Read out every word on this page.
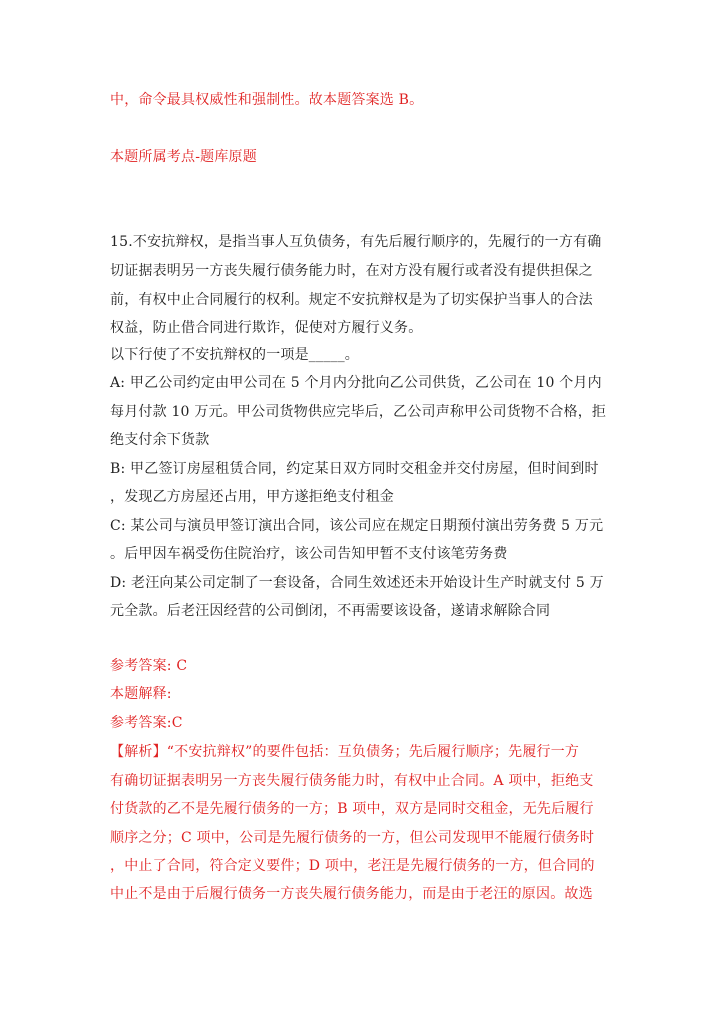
中，命令最具权威性和强制性。故本题答案选 B。
本题所属考点-题库原题
15.不安抗辩权，是指当事人互负债务，有先后履行顺序的，先履行的一方有确
切证据表明另一方丧失履行债务能力时，在对方没有履行或者没有提供担保之
前，有权中止合同履行的权利。规定不安抗辩权是为了切实保护当事人的合法
权益，防止借合同进行欺诈，促使对方履行义务。
以下行使了不安抗辩权的一项是_____。
A: 甲乙公司约定由甲公司在 5 个月内分批向乙公司供货，乙公司在 10 个月内
每月付款 10 万元。甲公司货物供应完毕后，乙公司声称甲公司货物不合格，拒
绝支付余下货款
B: 甲乙签订房屋租赁合同，约定某日双方同时交租金并交付房屋，但时间到时
，发现乙方房屋还占用，甲方遂拒绝支付租金
C: 某公司与演员甲签订演出合同，该公司应在规定日期预付演出劳务费 5 万元
。后甲因车祸受伤住院治疗，该公司告知甲暂不支付该笔劳务费
D: 老汪向某公司定制了一套设备，合同生效述还未开始设计生产时就支付 5 万
元全款。后老汪因经营的公司倒闭，不再需要该设备，遂请求解除合同
参考答案: C
本题解释:
参考答案:C
【解析】“不安抗辩权”的要件包括：互负债务；先后履行顺序；先履行一方
有确切证据表明另一方丧失履行债务能力时，有权中止合同。A 项中，拒绝支
付货款的乙不是先履行债务的一方；B 项中，双方是同时交租金，无先后履行
顺序之分；C 项中，公司是先履行债务的一方，但公司发现甲不能履行债务时
，中止了合同，符合定义要件；D 项中，老汪是先履行债务的一方，但合同的
中止不是由于后履行债务一方丧失履行债务能力，而是由于老汪的原因。故选
